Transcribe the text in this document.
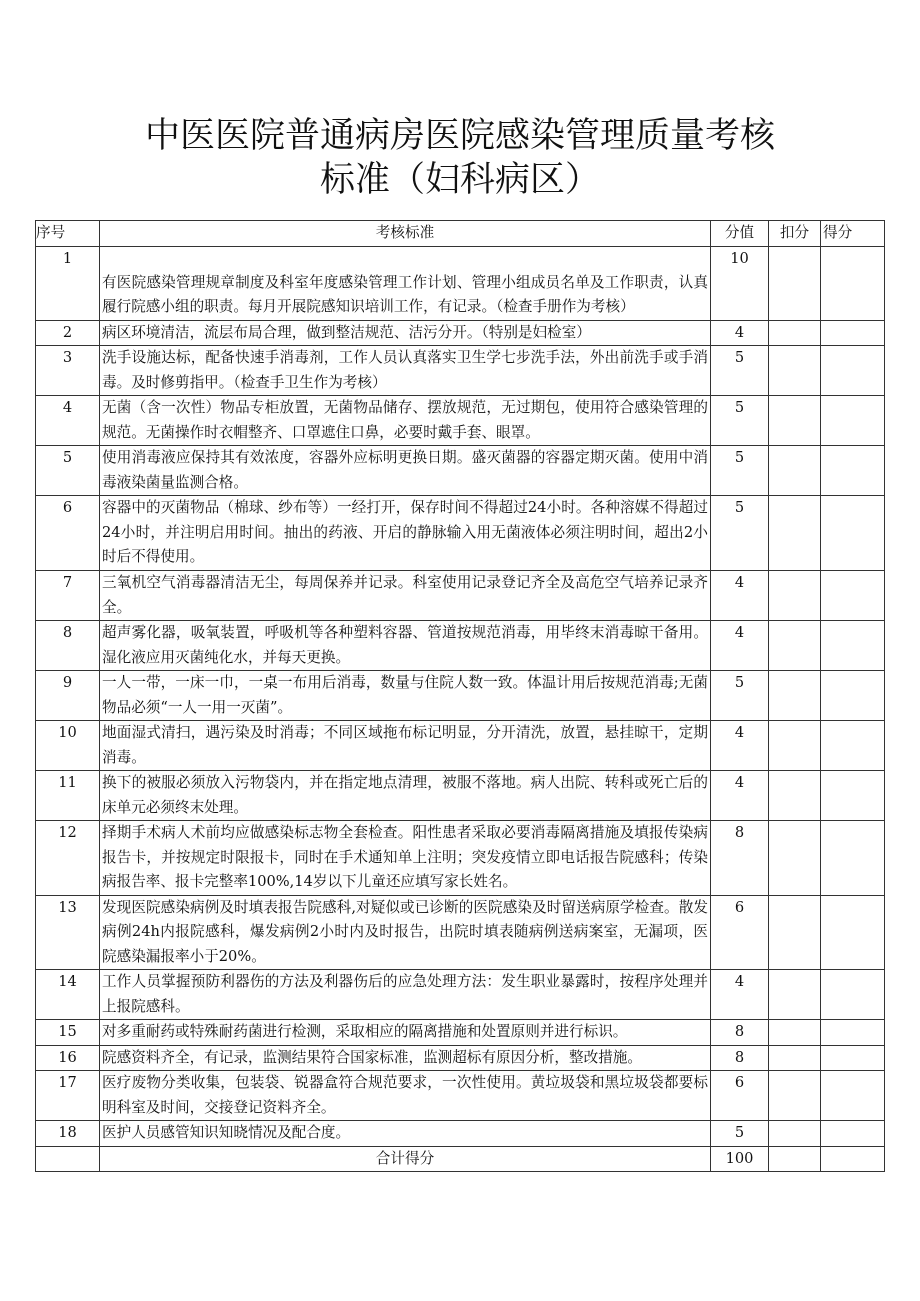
中医医院普通病房医院感染管理质量考核
标准（妇科病区）
序号	考核标准	分值	扣分	得分
1	有医院感染管理规章制度及科室年度感染管理工作计划、管理小组成员名单及工作职责，认真履行院感小组的职责。每月开展院感知识培训工作，有记录。（检查手册作为考核）	10		
2	病区环境清洁，流层布局合理，做到整洁规范、洁污分开。（特别是妇检室）	4		
3	洗手设施达标，配备快速手消毒剂，工作人员认真落实卫生学七步洗手法，外出前洗手或手消毒。及时修剪指甲。（检查手卫生作为考核）	5		
4	无菌（含一次性）物品专柜放置，无菌物品储存、摆放规范，无过期包，使用符合感染管理的规范。无菌操作时衣帽整齐、口罩遮住口鼻，必要时戴手套、眼罩。	5		
5	使用消毒液应保持其有效浓度，容器外应标明更换日期。盛灭菌器的容器定期灭菌。使用中消毒液染菌量监测合格。	5		
6	容器中的灭菌物品（棉球、纱布等）一经打开，保存时间不得超过24小时。各种溶媒不得超过24小时，并注明启用时间。抽出的药液、开启的静脉输入用无菌液体必须注明时间，超出2小时后不得使用。	5		
7	三氧机空气消毒器清洁无尘，每周保养并记录。科室使用记录登记齐全及高危空气培养记录齐全。	4		
8	超声雾化器，吸氧装置，呼吸机等各种塑料容器、管道按规范消毒，用毕终末消毒晾干备用。湿化液应用灭菌纯化水，并每天更换。	4		
9	一人一带，一床一巾，一桌一布用后消毒，数量与住院人数一致。体温计用后按规范消毒;无菌物品必须“一人一用一灭菌”。	5		
10	地面湿式清扫，遇污染及时消毒；不同区域拖布标记明显，分开清洗，放置，悬挂晾干，定期消毒。	4		
11	换下的被服必须放入污物袋内，并在指定地点清理，被服不落地。病人出院、转科或死亡后的床单元必须终末处理。	4		
12	择期手术病人术前均应做感染标志物全套检查。阳性患者采取必要消毒隔离措施及填报传染病报告卡，并按规定时限报卡，同时在手术通知单上注明；突发疫情立即电话报告院感科；传染病报告率、报卡完整率100%,14岁以下儿童还应填写家长姓名。	8		
13	发现医院感染病例及时填表报告院感科,对疑似或已诊断的医院感染及时留送病原学检查。散发病例24h内报院感科，爆发病例2小时内及时报告，出院时填表随病例送病案室，无漏项，医院感染漏报率小于20%。	6		
14	工作人员掌握预防利器伤的方法及利器伤后的应急处理方法：发生职业暴露时，按程序处理并上报院感科。	4		
15	对多重耐药或特殊耐药菌进行检测，采取相应的隔离措施和处置原则并进行标识。	8		
16	院感资料齐全，有记录，监测结果符合国家标准，监测超标有原因分析，整改措施。	8		
17	医疗废物分类收集，包装袋、锐器盒符合规范要求，一次性使用。黄垃圾袋和黑垃圾袋都要标明科室及时间，交接登记资料齐全。	6		
18	医护人员感管知识知晓情况及配合度。	5		
	合计得分	100		
